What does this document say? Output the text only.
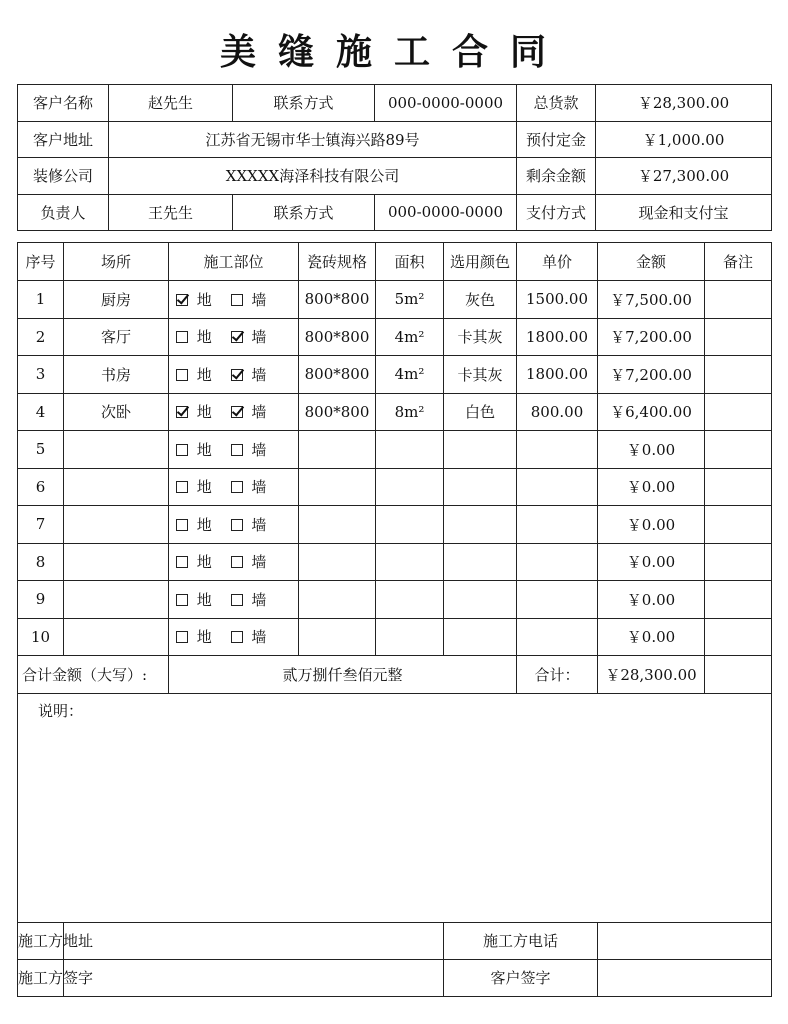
美缝施工合同
客户名称	赵先生	联系方式	000-0000-0000	总货款	￥28,300.00
客户地址	江苏省无锡市华士镇海兴路89号			预付定金	￥1,000.00
装修公司	XXXXX海泽科技有限公司			剩余金额	￥27,300.00
负责人	王先生	联系方式	000-0000-0000	支付方式	现金和支付宝
序号	场所	施工部位	瓷砖规格	面积	选用颜色	单价	金额	备注
1	厨房	地 墙	800*800	5m²	灰色	1500.00	￥7,500.00	
2	客厅	地 墙	800*800	4m²	卡其灰	1800.00	￥7,200.00	
3	书房	地 墙	800*800	4m²	卡其灰	1800.00	￥7,200.00	
4	次卧	地 墙	800*800	8m²	白色	800.00	￥6,400.00	
5		地 墙					￥0.00	
6		地 墙					￥0.00	
7		地 墙					￥0.00	
8		地 墙					￥0.00	
9		地 墙					￥0.00	
10		地 墙					￥0.00	
合计金额（大写）:		贰万捌仟叁佰元整				合计：	￥28,300.00	
说明：								
施工方地址					施工方电话			
施工方签字					客户签字			
